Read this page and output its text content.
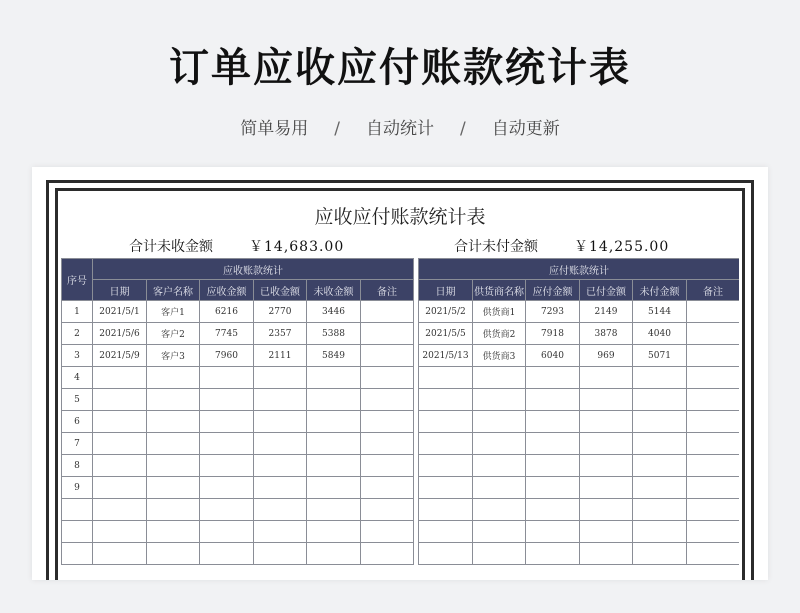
订单应收应付账款统计表
简单易用 / 自动统计 / 自动更新
应收应付账款统计表
合计未收金额	￥14,683.00	合计未付金额	￥14,255.00
序号	应收账款统计					
	日期	客户名称	应收金额	已收金额	未收金额	备注
1	2021/5/1	客户1	6216	2770	3446	
2	2021/5/6	客户2	7745	2357	5388	
3	2021/5/9	客户3	7960	2111	5849	
4						
5						
6						
7						
8						
9						

应付账款统计					
日期	供货商名称	应付金额	已付金额	未付金额	备注
2021/5/2	供货商1	7293	2149	5144	
2021/5/5	供货商2	7918	3878	4040	
2021/5/13	供货商3	6040	969	5071	
